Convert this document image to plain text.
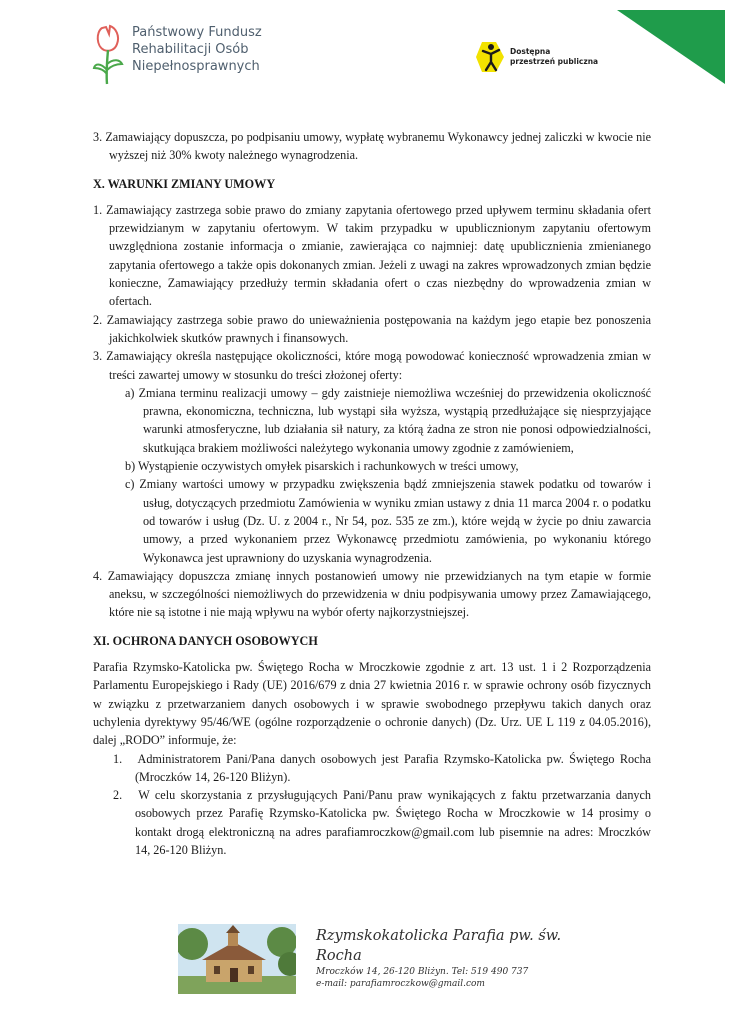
Państwowy Fundusz
Rehabilitacji Osób
Niepełnosprawnych
Dostępna
przestrzeń publiczna

3. Zamawiający dopuszcza, po podpisaniu umowy, wypłatę wybranemu Wykonawcy jednej zaliczki w kwocie nie wyższej niż 30% kwoty należnego wynagrodzenia.

X. WARUNKI ZMIANY UMOWY

1. Zamawiający zastrzega sobie prawo do zmiany zapytania ofertowego przed upływem terminu składania ofert przewidzianym w zapytaniu ofertowym. W takim przypadku w upublicznionym zapytaniu ofertowym uwzględniona zostanie informacja o zmianie, zawierająca co najmniej: datę upublicznienia zmienianego zapytania ofertowego a także opis dokonanych zmian. Jeżeli z uwagi na zakres wprowadzonych zmian będzie konieczne, Zamawiający przedłuży termin składania ofert o czas niezbędny do wprowadzenia zmian w ofertach.

2. Zamawiający zastrzega sobie prawo do unieważnienia postępowania na każdym jego etapie bez ponoszenia jakichkolwiek skutków prawnych i finansowych.

3. Zamawiający określa następujące okoliczności, które mogą powodować konieczność wprowadzenia zmian w treści zawartej umowy w stosunku do treści złożonej oferty:

a) Zmiana terminu realizacji umowy – gdy zaistnieje niemożliwa wcześniej do przewidzenia okoliczność prawna, ekonomiczna, techniczna, lub wystąpi siła wyższa, wystąpią przedłużające się niesprzyjające warunki atmosferyczne, lub działania sił natury, za którą żadna ze stron nie ponosi odpowiedzialności, skutkująca brakiem możliwości należytego wykonania umowy zgodnie z zamówieniem,

b) Wystąpienie oczywistych omyłek pisarskich i rachunkowych w treści umowy,

c) Zmiany wartości umowy w przypadku zwiększenia bądź zmniejszenia stawek podatku od towarów i usług, dotyczących przedmiotu Zamówienia w wyniku zmian ustawy z dnia 11 marca 2004 r. o podatku od towarów i usług (Dz. U. z 2004 r., Nr 54, poz. 535 ze zm.), które wejdą w życie po dniu zawarcia umowy, a przed wykonaniem przez Wykonawcę przedmiotu zamówienia, po wykonaniu którego Wykonawca jest uprawniony do uzyskania wynagrodzenia.

4. Zamawiający dopuszcza zmianę innych postanowień umowy nie przewidzianych na tym etapie w formie aneksu, w szczególności niemożliwych do przewidzenia w dniu podpisywania umowy przez Zamawiającego, które nie są istotne i nie mają wpływu na wybór oferty najkorzystniejszej.

XI. OCHRONA DANYCH OSOBOWYCH

Parafia Rzymsko-Katolicka pw. Świętego Rocha w Mroczkowie zgodnie z art. 13 ust. 1 i 2 Rozporządzenia Parlamentu Europejskiego i Rady (UE) 2016/679 z dnia 27 kwietnia 2016 r. w sprawie ochrony osób fizycznych w związku z przetwarzaniem danych osobowych i w sprawie swobodnego przepływu takich danych oraz uchylenia dyrektywy 95/46/WE (ogólne rozporządzenie o ochronie danych) (Dz. Urz. UE L 119 z 04.05.2016), dalej „RODO” informuje, że:

1. Administratorem Pani/Pana danych osobowych jest Parafia Rzymsko-Katolicka pw. Świętego Rocha (Mroczków 14, 26-120 Bliżyn).

2. W celu skorzystania z przysługujących Pani/Panu praw wynikających z faktu przetwarzania danych osobowych przez Parafię Rzymsko-Katolicka pw. Świętego Rocha w Mroczkowie w 14 prosimy o kontakt drogą elektroniczną na adres parafiamroczkow@gmail.com lub pisemnie na adres: Mroczków 14, 26-120 Bliżyn.

Rzymskokatolicka Parafia pw. św. Rocha
Mroczków 14, 26-120 Bliżyn. Tel: 519 490 737
e-mail: parafiamroczkow@gmail.com
